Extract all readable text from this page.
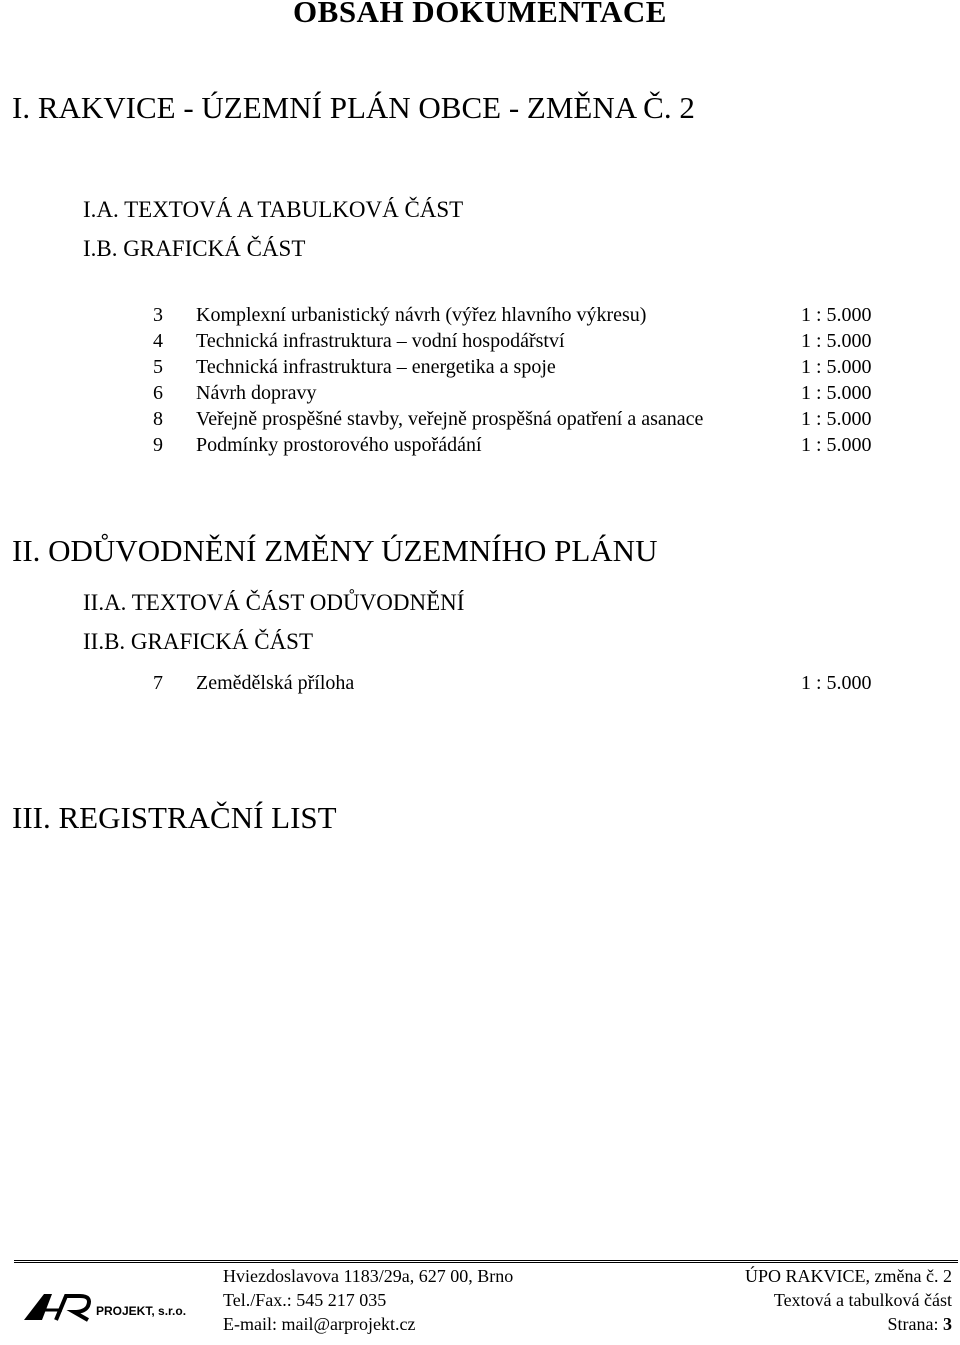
OBSAH DOKUMENTACE
I. RAKVICE - ÚZEMNÍ PLÁN OBCE - ZMĚNA Č. 2
I.A. TEXTOVÁ A TABULKOVÁ ČÁST
I.B. GRAFICKÁ ČÁST
3 Komplexní urbanistický návrh (výřez hlavního výkresu)	1 : 5.000
4 Technická infrastruktura – vodní hospodářství	1 : 5.000
5 Technická infrastruktura – energetika a spoje	1 : 5.000
6 Návrh dopravy	1 : 5.000
8 Veřejně prospěšné stavby, veřejně prospěšná opatření a asanace	1 : 5.000
9 Podmínky prostorového uspořádání	1 : 5.000
II. ODŮVODNĚNÍ ZMĚNY ÚZEMNÍHO PLÁNU
II.A. TEXTOVÁ ČÁST ODŮVODNĚNÍ
II.B. GRAFICKÁ ČÁST
7 Zemědělská příloha	1 : 5.000
III. REGISTRAČNÍ LIST
PROJEKT, s.r.o.
Hviezdoslavova 1183/29a, 627 00, Brno
Tel./Fax.: 545 217 035
E-mail: mail@arprojekt.cz
ÚPO RAKVICE, změna č. 2
Textová a tabulková část
Strana: 3
